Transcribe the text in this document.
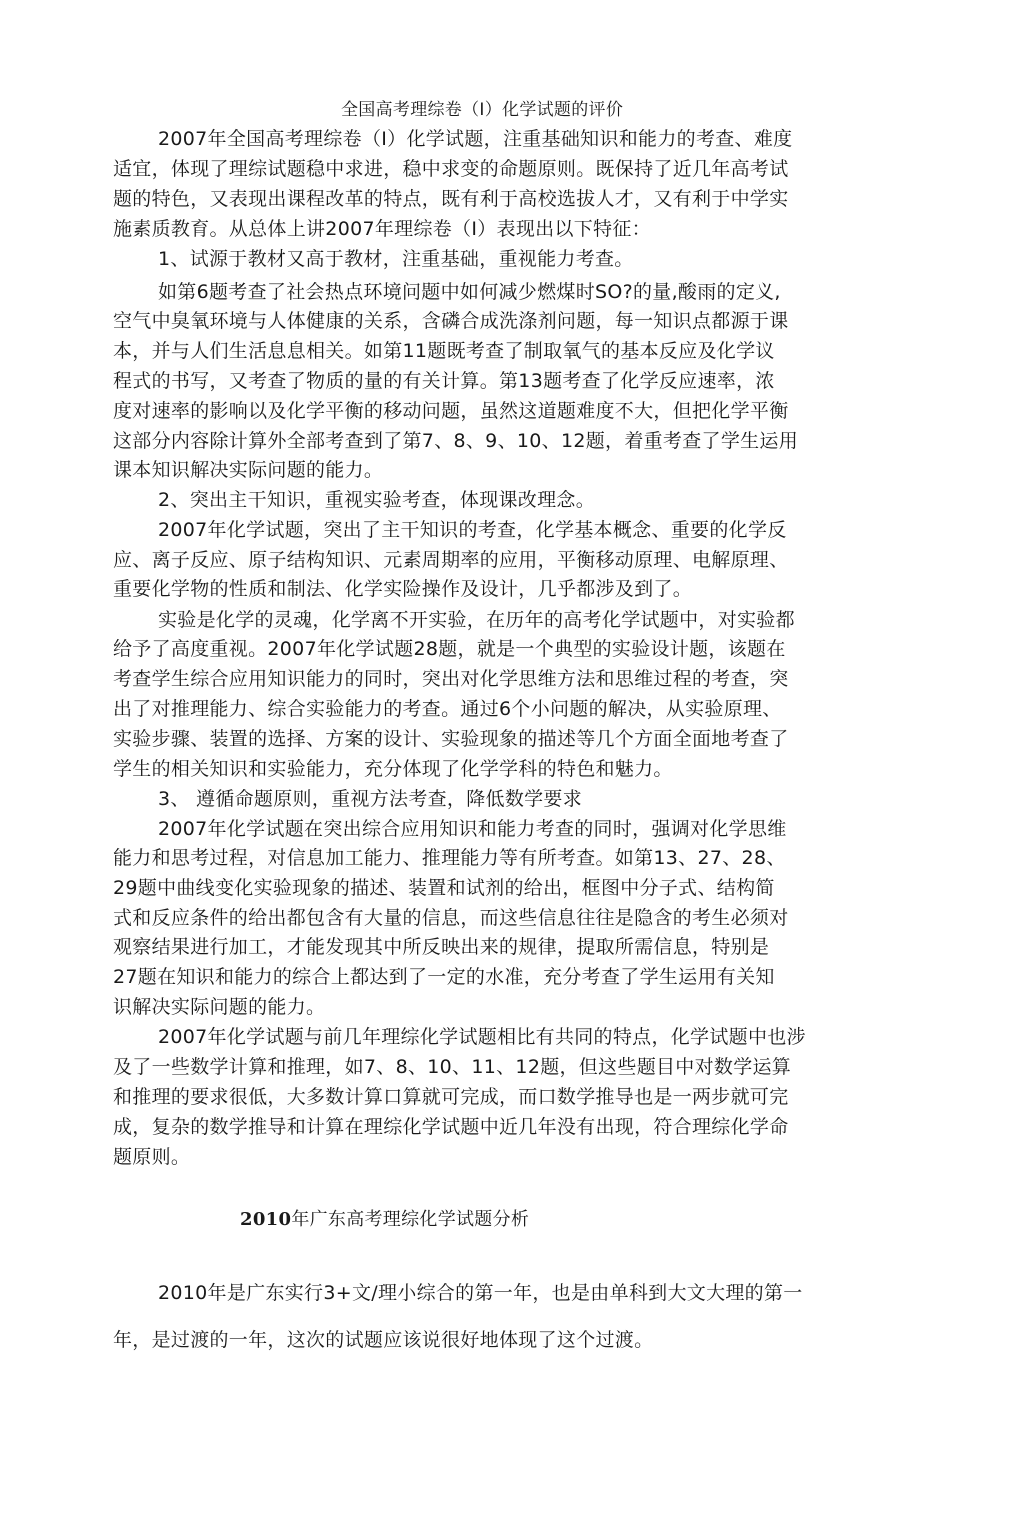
全国高考理综卷（Ⅰ）化学试题的评价

2007年全国高考理综卷（Ⅰ）化学试题，注重基础知识和能力的考查、难度

适宜，体现了理综试题稳中求进，稳中求变的命题原则。既保持了近几年高考试

题的特色，又表现出课程改革的特点，既有利于高校选拔人才，又有利于中学实

施素质教育。从总体上讲2007年理综卷（Ⅰ）表现出以下特征：

1、试源于教材又高于教材，注重基础，重视能力考查。

如第6题考查了社会热点环境问题中如何减少燃煤时SO?的量,酸雨的定义,

空气中臭氧环境与人体健康的关系，含磷合成洗涤剂问题，每一知识点都源于课

本，并与人们生活息息相关。如第11题既考查了制取氧气的基本反应及化学议

程式的书写，又考查了物质的量的有关计算。第13题考查了化学反应速率，浓

度对速率的影响以及化学平衡的移动问题，虽然这道题难度不大，但把化学平衡

这部分内容除计算外全部考查到了第7、8、9、10、12题，着重考查了学生运用

课本知识解决实际问题的能力。

2、突出主干知识，重视实验考查，体现课改理念。

2007年化学试题，突出了主干知识的考查，化学基本概念、重要的化学反

应、离子反应、原子结构知识、元素周期率的应用，平衡移动原理、电解原理、

重要化学物的性质和制法、化学实险操作及设计，几乎都涉及到了。

实验是化学的灵魂，化学离不开实验，在历年的高考化学试题中，对实验都

给予了高度重视。2007年化学试题28题，就是一个典型的实验设计题，该题在

考查学生综合应用知识能力的同时，突出对化学思维方法和思维过程的考查，突

出了对推理能力、综合实验能力的考查。通过6个小问题的解决，从实验原理、

实验步骤、装置的选择、方案的设计、实验现象的描述等几个方面全面地考查了

学生的相关知识和实验能力，充分体现了化学学科的特色和魅力。

3、 遵循命题原则，重视方法考查，降低数学要求

2007年化学试题在突出综合应用知识和能力考查的同时，强调对化学思维

能力和思考过程，对信息加工能力、推理能力等有所考查。如第13、27、28、

29题中曲线变化实验现象的描述、装置和试剂的给出，框图中分子式、结构简

式和反应条件的给出都包含有大量的信息，而这些信息往往是隐含的考生必须对

观察结果进行加工，才能发现其中所反映出来的规律，提取所需信息，特别是

27题在知识和能力的综合上都达到了一定的水准，充分考查了学生运用有关知

识解决实际问题的能力。

2007年化学试题与前几年理综化学试题相比有共同的特点，化学试题中也涉

及了一些数学计算和推理，如7、8、10、11、12题，但这些题目中对数学运算

和推理的要求很低，大多数计算口算就可完成，而口数学推导也是一两步就可完

成，复杂的数学推导和计算在理综化学试题中近几年没有出现，符合理综化学命

题原则。

2010年广东高考理综化学试题分析

2010年是广东实行3+文/理小综合的第一年，也是由单科到大文大理的第一

年，是过渡的一年，这次的试题应该说很好地体现了这个过渡。
